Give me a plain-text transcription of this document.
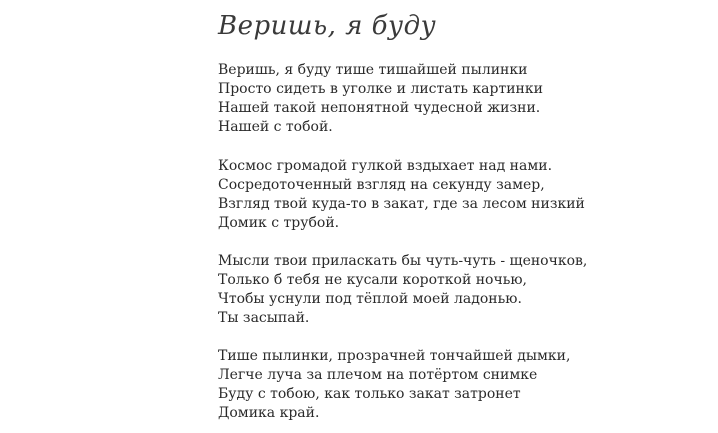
Веришь, я буду
Веришь, я буду тише тишайшей пылинки
Просто сидеть в уголке и листать картинки
Нашей такой непонятной чудесной жизни.
Нашей с тобой.
Космос громадой гулкой вздыхает над нами.
Сосредоточенный взгляд на секунду замер,
Взгляд твой куда-то в закат, где за лесом низкий
Домик с трубой.
Мысли твои приласкать бы чуть-чуть - щеночков,
Только б тебя не кусали короткой ночью,
Чтобы уснули под тёплой моей ладонью.
Ты засыпай.
Тише пылинки, прозрачней тончайшей дымки,
Легче луча за плечом на потёртом снимке
Буду с тобою, как только закат затронет
Домика край.
